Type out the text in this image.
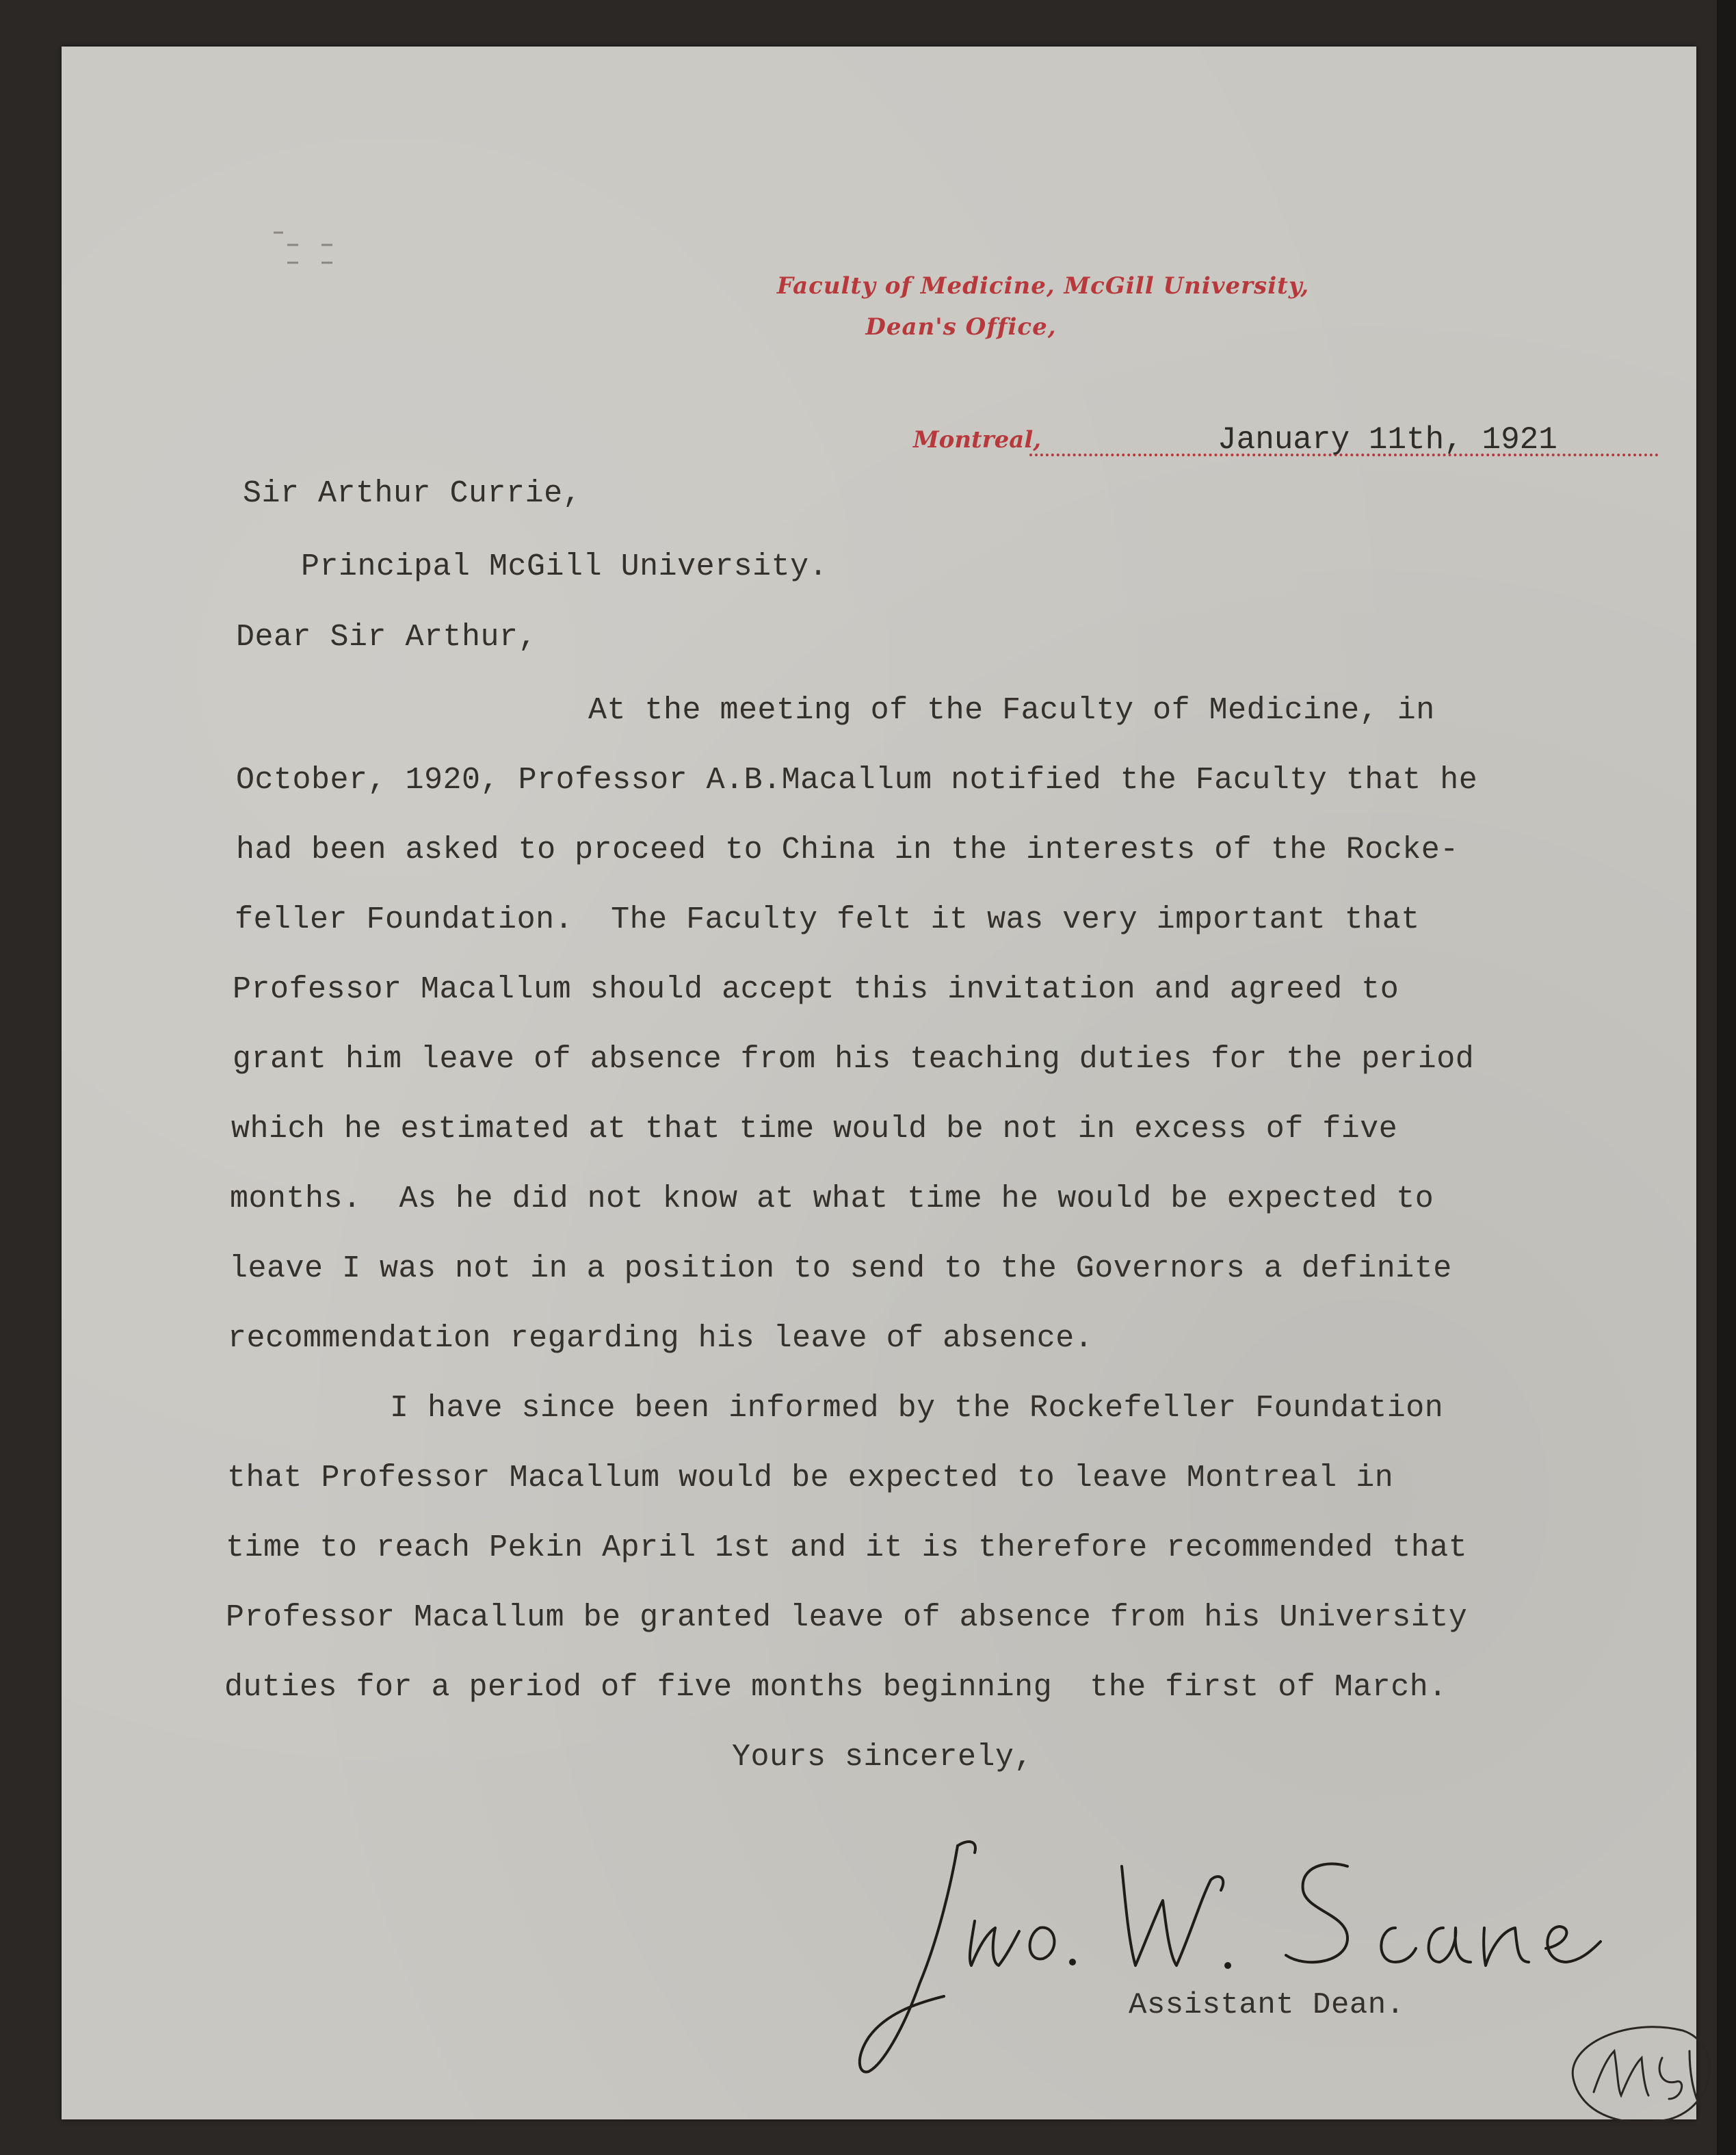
Faculty of Medicine, McGill University,
Dean's Office,
Montreal,	January 11th, 1921
Sir Arthur Currie,
Principal McGill University.
Dear Sir Arthur,
At the meeting of the Faculty of Medicine, in
October, 1920, Professor A.B.Macallum notified the Faculty that he
had been asked to proceed to China in the interests of the Rocke-
feller Foundation.  The Faculty felt it was very important that
Professor Macallum should accept this invitation and agreed to
grant him leave of absence from his teaching duties for the period
which he estimated at that time would be not in excess of five
months.  As he did not know at what time he would be expected to
leave I was not in a position to send to the Governors a definite
recommendation regarding his leave of absence.
I have since been informed by the Rockefeller Foundation
that Professor Macallum would be expected to leave Montreal in
time to reach Pekin April 1st and it is therefore recommended that
Professor Macallum be granted leave of absence from his University
duties for a period of five months beginning  the first of March.
Yours sincerely,
Assistant Dean.
